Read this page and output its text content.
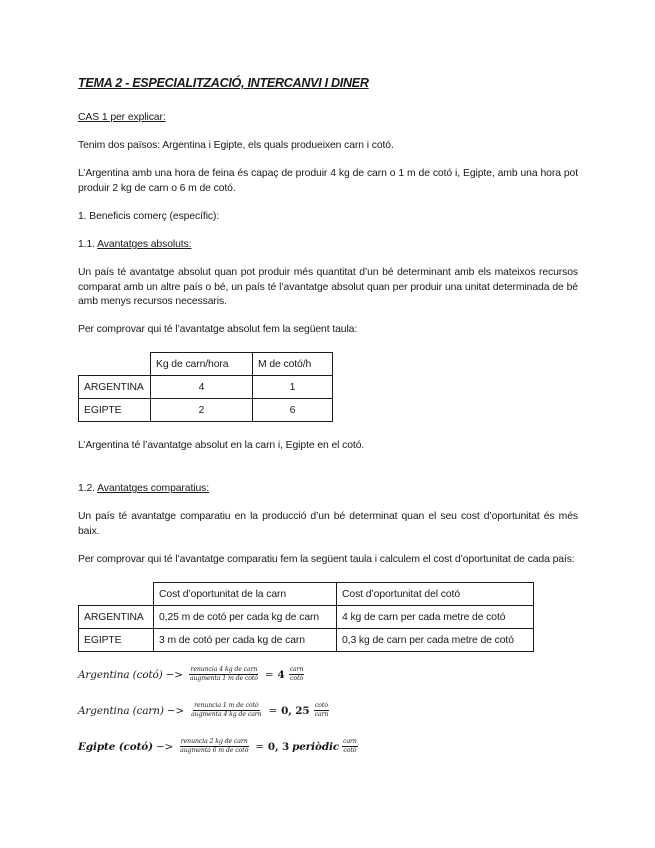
TEMA 2 - ESPECIALITZACIÓ, INTERCANVI I DINER
CAS 1 per explicar:
Tenim dos països: Argentina i Egipte, els quals produeixen carn i cotó.
L’Argentina amb una hora de feina és capaç de produir 4 kg de carn o 1 m de cotó i, Egipte, amb una hora pot produir 2 kg de carn o 6 m de cotó.
1. Beneficis comerç (específic):
1.1. Avantatges absoluts:
Un país té avantatge absolut quan pot produir més quantitat d’un bé determinant amb els mateixos recursos comparat amb un altre país o bé, un país té l’avantatge absolut quan per produir una unitat determinada de bé amb menys recursos necessaris.
Per comprovar qui té l’avantatge absolut fem la següent taula:
	Kg de carn/hora	M de cotó/h
ARGENTINA	4	1
EGIPTE	2	6
L’Argentina té l’avantatge absolut en la carn i, Egipte en el cotó.
1.2. Avantatges comparatius:
Un país té avantatge comparatiu en la producció d’un bé determinat quan el seu cost d’oportunitat és més baix.
Per comprovar qui té l’avantatge comparatiu fem la següent taula i calculem el cost d’oportunitat de cada país:
	Cost d’oportunitat de la carn	Cost d’oportunitat del cotó
ARGENTINA	0,25 m de cotó per cada kg de carn	4 kg de carn per cada metre de cotó
EGIPTE	3 m de cotó per cada kg de carn	0,3 kg de carn per cada metre de cotó
Argentina (cotó) −> $\frac{\text{renuncia 4 kg de carn}}{\text{augmenta 1 m de cotó}} = 4 \frac{\text{carn}}{\cot ó}$
Argentina (carn) −> $\frac{\text{renuncia 1 m de cotó}}{\text{augmenta 4 kg de carn}} = 0$, $25 \frac{\cot ó}{\text{carn}}$
Egipte (cotó) −> $\frac{\text{renuncia 2 kg de carn}}{\text{augmenta 6 m de cotó}} = 0$, 3 periòdic $\frac{\text{carn}}{\cot ó}$
